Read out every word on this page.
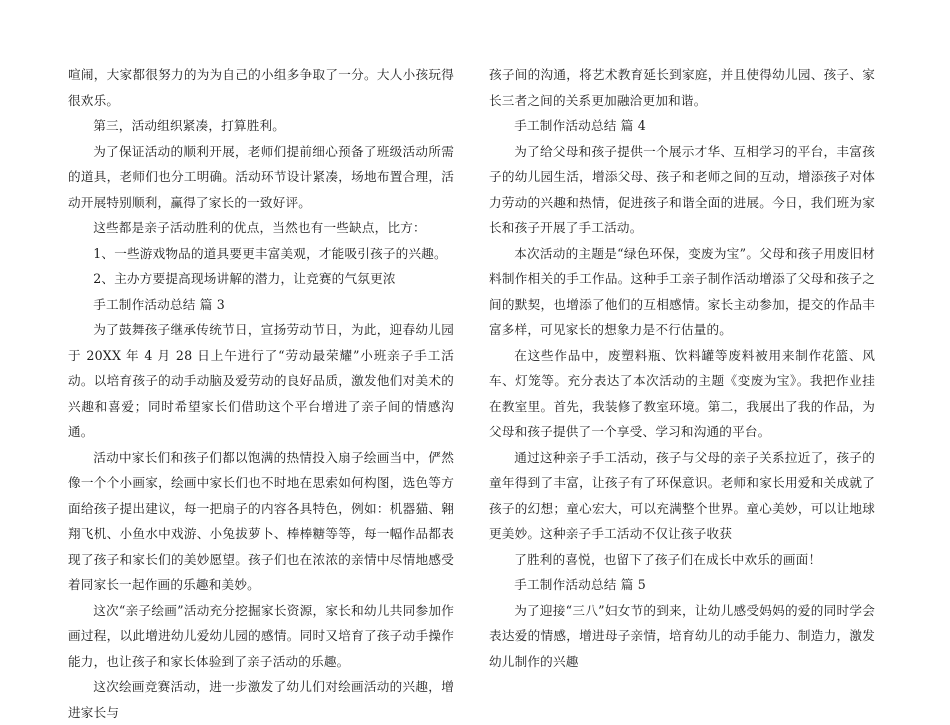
喧闹，大家都很努力的为为自己的小组多争取了一分。大人小孩玩得很欢乐。

第三，活动组织紧凑，打算胜利。

为了保证活动的顺利开展，老师们提前细心预备了班级活动所需的道具，老师们也分工明确。活动环节设计紧凑，场地布置合理，活动开展特别顺利，赢得了家长的一致好评。

这些都是亲子活动胜利的优点，当然也有一些缺点，比方：

1、一些游戏物品的道具要更丰富美观，才能吸引孩子的兴趣。

2、主办方要提高现场讲解的潜力，让竞赛的气氛更浓

手工制作活动总结 篇 3

为了鼓舞孩子继承传统节日，宣扬劳动节日，为此，迎春幼儿园于 20XX 年 4 月 28 日上午进行了“劳动最荣耀”小班亲子手工活动。以培育孩子的动手动脑及爱劳动的良好品质，激发他们对美术的兴趣和喜爱；同时希望家长们借助这个平台增进了亲子间的情感沟通。

活动中家长们和孩子们都以饱满的热情投入扇子绘画当中，俨然像一个个小画家，绘画中家长们也不时地在思索如何构图，选色等方面给孩子提出建议，每一把扇子的内容各具特色，例如：机器猫、翱翔飞机、小鱼水中戏游、小兔拔萝卜、棒棒糖等等，每一幅作品都表现了孩子和家长们的美妙愿望。孩子们也在浓浓的亲情中尽情地感受着同家长一起作画的乐趣和美妙。

这次“亲子绘画”活动充分挖掘家长资源，家长和幼儿共同参加作画过程，以此增进幼儿爱幼儿园的感情。同时又培育了孩子动手操作能力，也让孩子和家长体验到了亲子活动的乐趣。

这次绘画竞赛活动，进一步激发了幼儿们对绘画活动的兴趣，增进家长与

孩子间的沟通，将艺术教育延长到家庭，并且使得幼儿园、孩子、家长三者之间的关系更加融洽更加和谐。

手工制作活动总结 篇 4

为了给父母和孩子提供一个展示才华、互相学习的平台，丰富孩子的幼儿园生活，增添父母、孩子和老师之间的互动，增添孩子对体力劳动的兴趣和热情，促进孩子和谐全面的进展。今日，我们班为家长和孩子开展了手工活动。

本次活动的主题是“绿色环保，变废为宝”。父母和孩子用废旧材料制作相关的手工作品。这种手工亲子制作活动增添了父母和孩子之间的默契，也增添了他们的互相感情。家长主动参加，提交的作品丰富多样，可见家长的想象力是不行估量的。

在这些作品中，废塑料瓶、饮料罐等废料被用来制作花篮、风车、灯笼等。充分表达了本次活动的主题《变废为宝》。我把作业挂在教室里。首先，我装修了教室环境。第二，我展出了我的作品，为父母和孩子提供了一个享受、学习和沟通的平台。

通过这种亲子手工活动，孩子与父母的亲子关系拉近了，孩子的童年得到了丰富，让孩子有了环保意识。老师和家长用爱和关成就了孩子的幻想；童心宏大，可以充满整个世界。童心美妙，可以让地球更美妙。这种亲子手工活动不仅让孩子收获

了胜利的喜悦，也留下了孩子们在成长中欢乐的画面！

手工制作活动总结 篇 5

为了迎接“三八”妇女节的到来，让幼儿感受妈妈的爱的同时学会表达爱的情感，增进母子亲情，培育幼儿的动手能力、制造力，激发幼儿制作的兴趣
